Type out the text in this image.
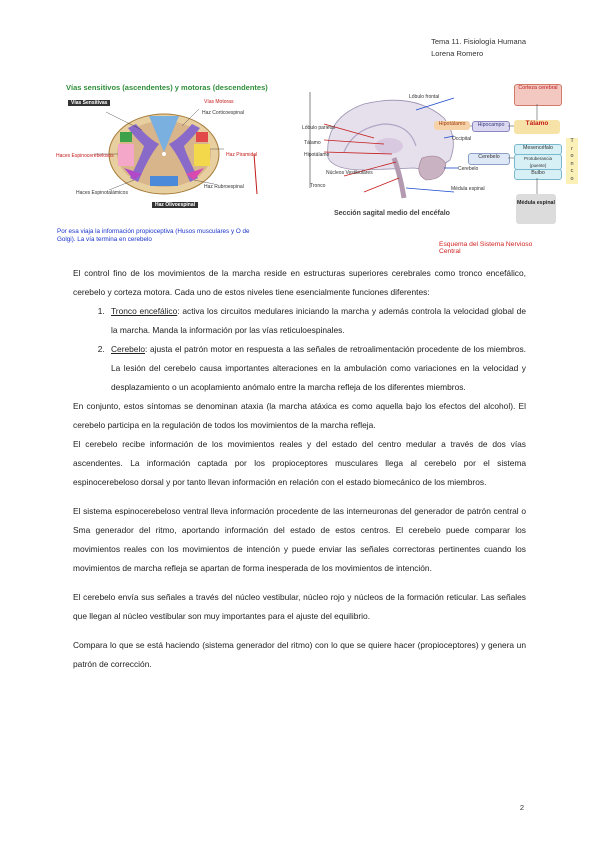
Tema 11. Fisiología Humana
Lorena Romero
Vías sensitivos (ascendentes) y motoras (descendentes)
Vías Sensitivas	Vías Motoras
Haces Espinocerebelosos
Haz Corticoespinal
Haces Espinotalámicos
Haz Rubroespinal
Haz Piramidal
Haz Olivoespinal
Lóbulo frontal
Lóbulo parietal
Tálamo
Hipotálamo
Occipital
Cerebelo
Tronco	Médula espinal
Núcleos Vestibulares
Sección sagital medio del encéfalo
Corteza cerebral
Hipotálamo	Hipocampo	Tálamo
Cerebelo
Mesencéfalo
Protuberancia (puente)
Bulbo
Médula espinal
T
r
o
n
c
o
Por esa viaja la información propioceptiva (Husos musculares y O de Golgi). La vía termina en cerebelo
Esquema del Sistema Nervioso Central

El control fino de los movimientos de la marcha reside en estructuras superiores cerebrales como tronco encefálico, cerebelo y corteza motora. Cada uno de estos niveles tiene esencialmente funciones diferentes:

1. Tronco encefálico: activa los circuitos medulares iniciando la marcha y además controla la velocidad global de la marcha. Manda la información por las vías reticuloespinales.
2. Cerebelo: ajusta el patrón motor en respuesta a las señales de retroalimentación procedente de los miembros. La lesión del cerebelo causa importantes alteraciones en la ambulación como variaciones en la velocidad y desplazamiento o un acoplamiento anómalo entre la marcha refleja de los diferentes miembros.

En conjunto, estos síntomas se denominan ataxia (la marcha atáxica es como aquella bajo los efectos del alcohol). El cerebelo participa en la regulación de todos los movimientos de la marcha refleja.

El cerebelo recibe información de los movimientos reales y del estado del centro medular a través de dos vías ascendentes. La información captada por los propioceptores musculares llega al cerebelo por el sistema espinocerebeloso dorsal y por tanto llevan información en relación con el estado biomecánico de los miembros.

El sistema espinocerebeloso ventral lleva información procedente de las interneuronas del generador de patrón central o Sma generador del ritmo, aportando información del estado de estos centros. El cerebelo puede comparar los movimientos reales con los movimientos de intención y puede enviar las señales correctoras pertinentes cuando los movimientos de marcha refleja se apartan de forma inesperada de los movimientos de intención.

El cerebelo envía sus señales a través del núcleo vestibular, núcleo rojo y núcleos de la formación reticular. Las señales que llegan al núcleo vestibular son muy importantes para el ajuste del equilibrio.

Compara lo que se está haciendo (sistema generador del ritmo) con lo que se quiere hacer (propioceptores) y genera un patrón de corrección.

2
